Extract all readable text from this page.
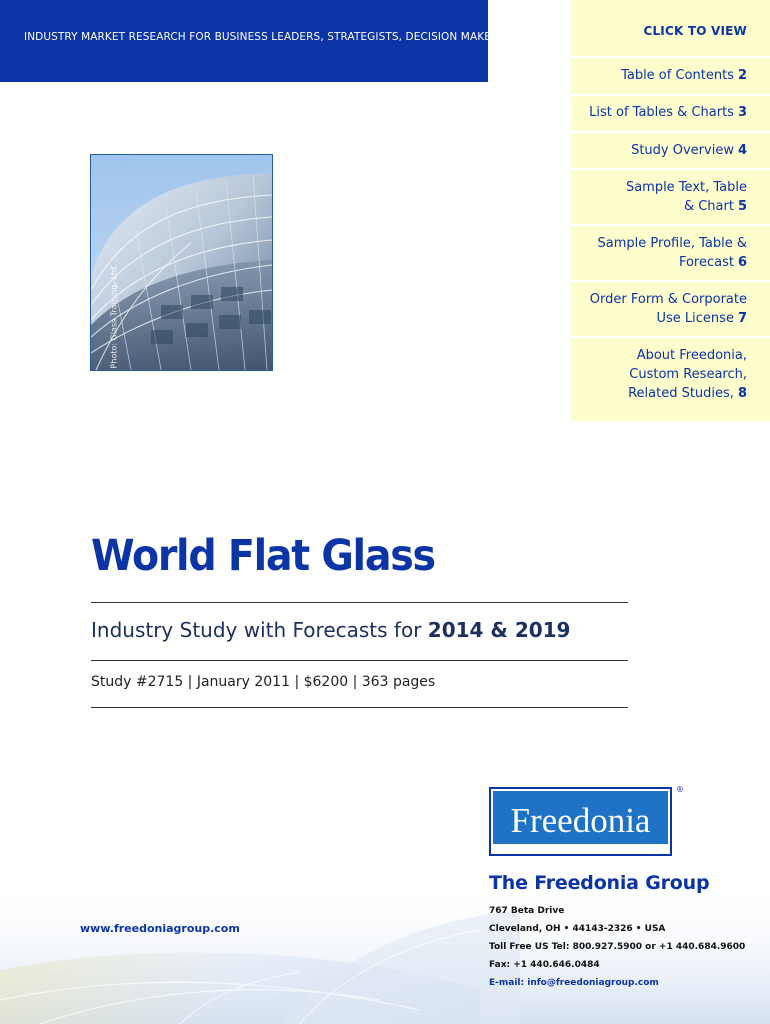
INDUSTRY MARKET RESEARCH FOR BUSINESS LEADERS, STRATEGISTS, DECISION MAKERS	CLICK TO VIEW
Table of Contents 2
List of Tables & Charts 3
Study Overview 4
Sample Text, Table
& Chart 5
Sample Profile, Table &
Forecast 6
Order Form & Corporate
Use License 7
About Freedonia,
Custom Research,
Related Studies, 8
Photo: Glass Training, Ltd.
World Flat Glass
Industry Study with Forecasts for 2014 & 2019
Study #2715 | January 2011 | $6200 | 363 pages
Freedonia
®
The Freedonia Group
767 Beta Drive
Cleveland, OH • 44143-2326 • USA
Toll Free US Tel: 800.927.5900 or +1 440.684.9600
Fax: +1 440.646.0484
E-mail: info@freedoniagroup.com
www.freedoniagroup.com
